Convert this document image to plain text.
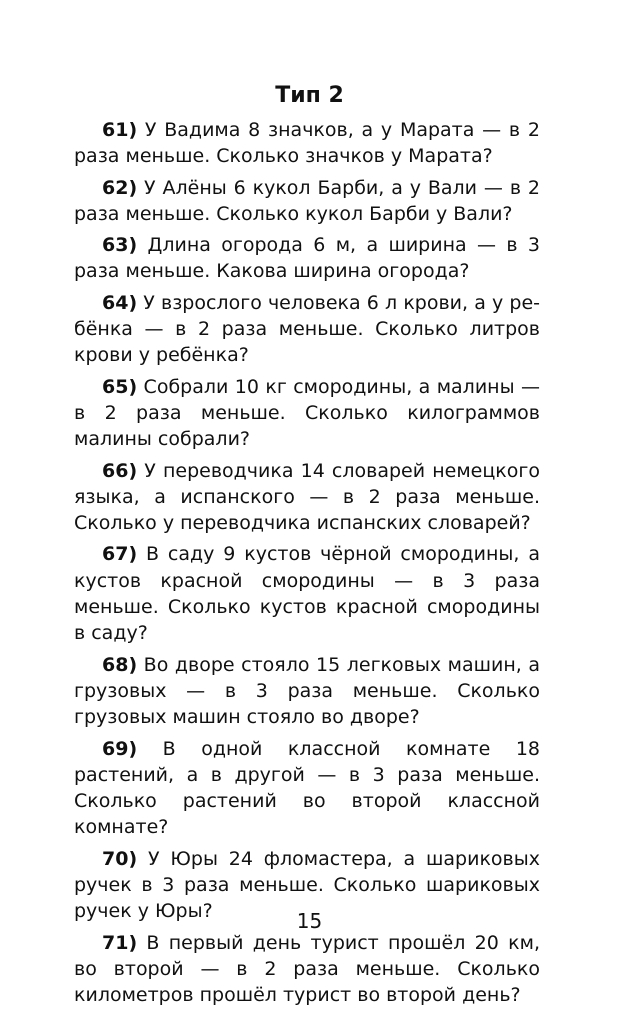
Тип 2

61) У Вадима 8 значков, а у Марата — в 2 раза меньше. Сколько значков у Марата?

62) У Алёны 6 кукол Барби, а у Вали — в 2 раза меньше. Сколько кукол Барби у Вали?

63) Длина огорода 6 м, а ширина — в 3 раза меньше. Какова ширина огорода?

64) У взрослого человека 6 л крови, а у ребёнка — в 2 раза меньше. Сколько литров крови у ребёнка?

65) Собрали 10 кг смородины, а малины — в 2 раза меньше. Сколько килограммов малины собрали?

66) У переводчика 14 словарей немецкого языка, а испанского — в 2 раза меньше. Сколько у переводчика испанских словарей?

67) В саду 9 кустов чёрной смородины, а кустов красной смородины — в 3 раза меньше. Сколько кустов красной смородины в саду?

68) Во дворе стояло 15 легковых машин, а грузовых — в 3 раза меньше. Сколько грузовых машин стояло во дворе?

69) В одной классной комнате 18 растений, а в другой — в 3 раза меньше. Сколько растений во второй классной комнате?

70) У Юры 24 фломастера, а шариковых ручек в 3 раза меньше. Сколько шариковых ручек у Юры?

71) В первый день турист прошёл 20 км, во второй — в 2 раза меньше. Сколько километров прошёл турист во второй день?

15
